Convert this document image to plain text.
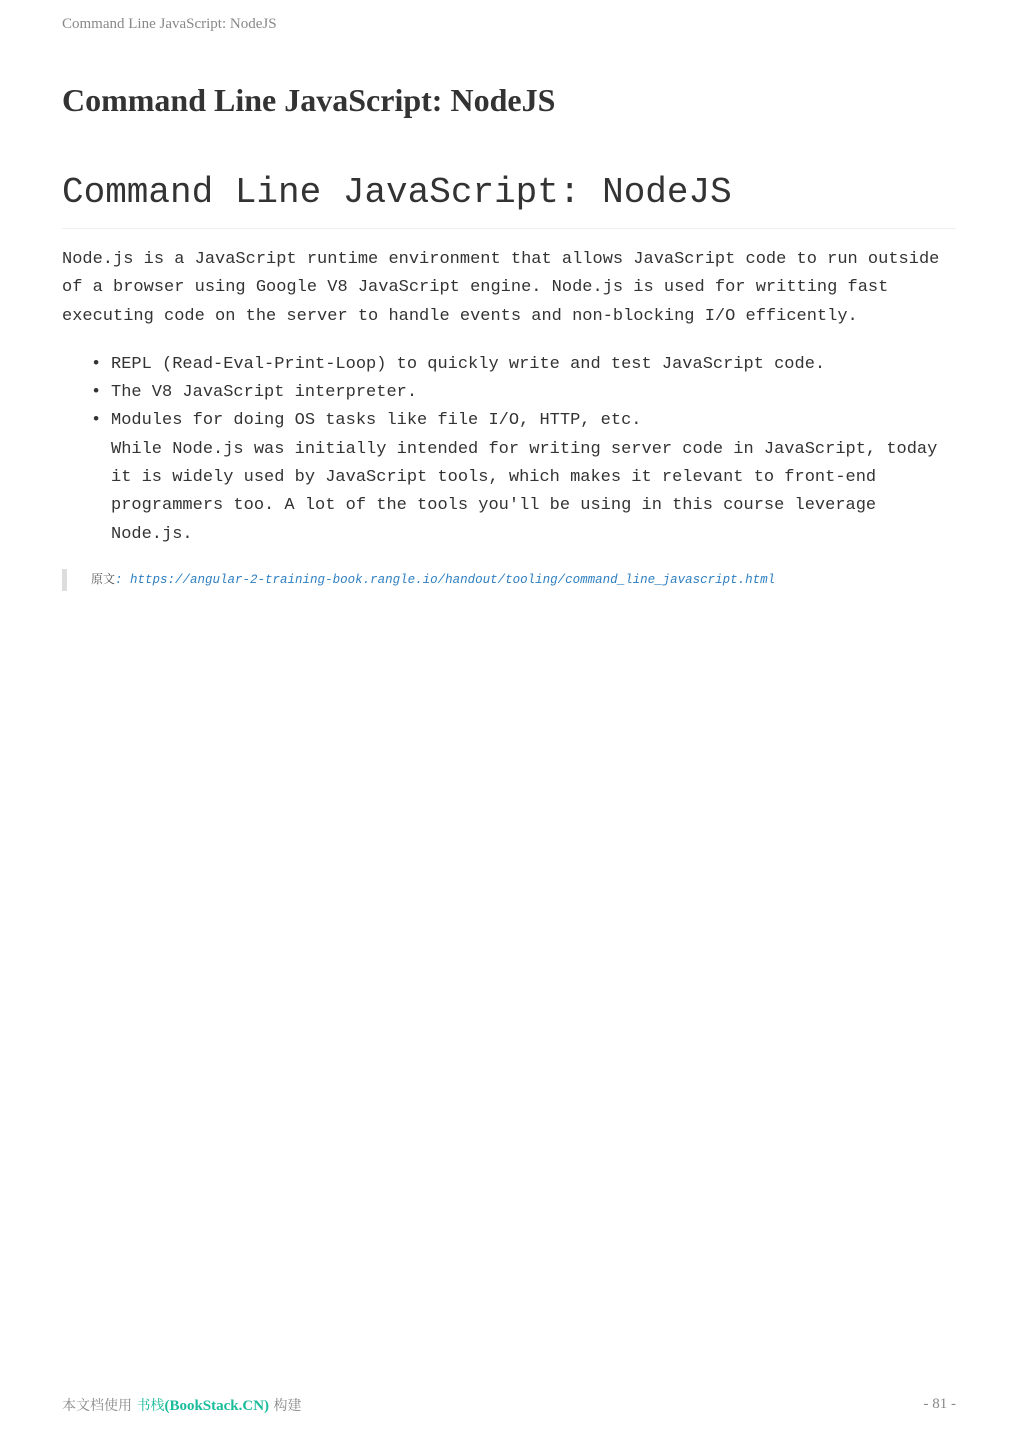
Command Line JavaScript: NodeJS
Command Line JavaScript: NodeJS
Command Line JavaScript: NodeJS

Node.js is a JavaScript runtime environment that allows JavaScript code to run outside of a browser using Google V8 JavaScript engine. Node.js is used for writting fast executing code on the server to handle events and non-blocking I/O efficently.

• REPL (Read-Eval-Print-Loop) to quickly write and test JavaScript code.
• The V8 JavaScript interpreter.
• Modules for doing OS tasks like file I/O, HTTP, etc.
While Node.js was initially intended for writing server code in JavaScript, today it is widely used by JavaScript tools, which makes it relevant to front-end programmers too. A lot of the tools you'll be using in this course leverage Node.js.
原文: https://angular-2-training-book.rangle.io/handout/tooling/command_line_javascript.html
本文档使用 书栈(BookStack.CN) 构建	- 81 -
